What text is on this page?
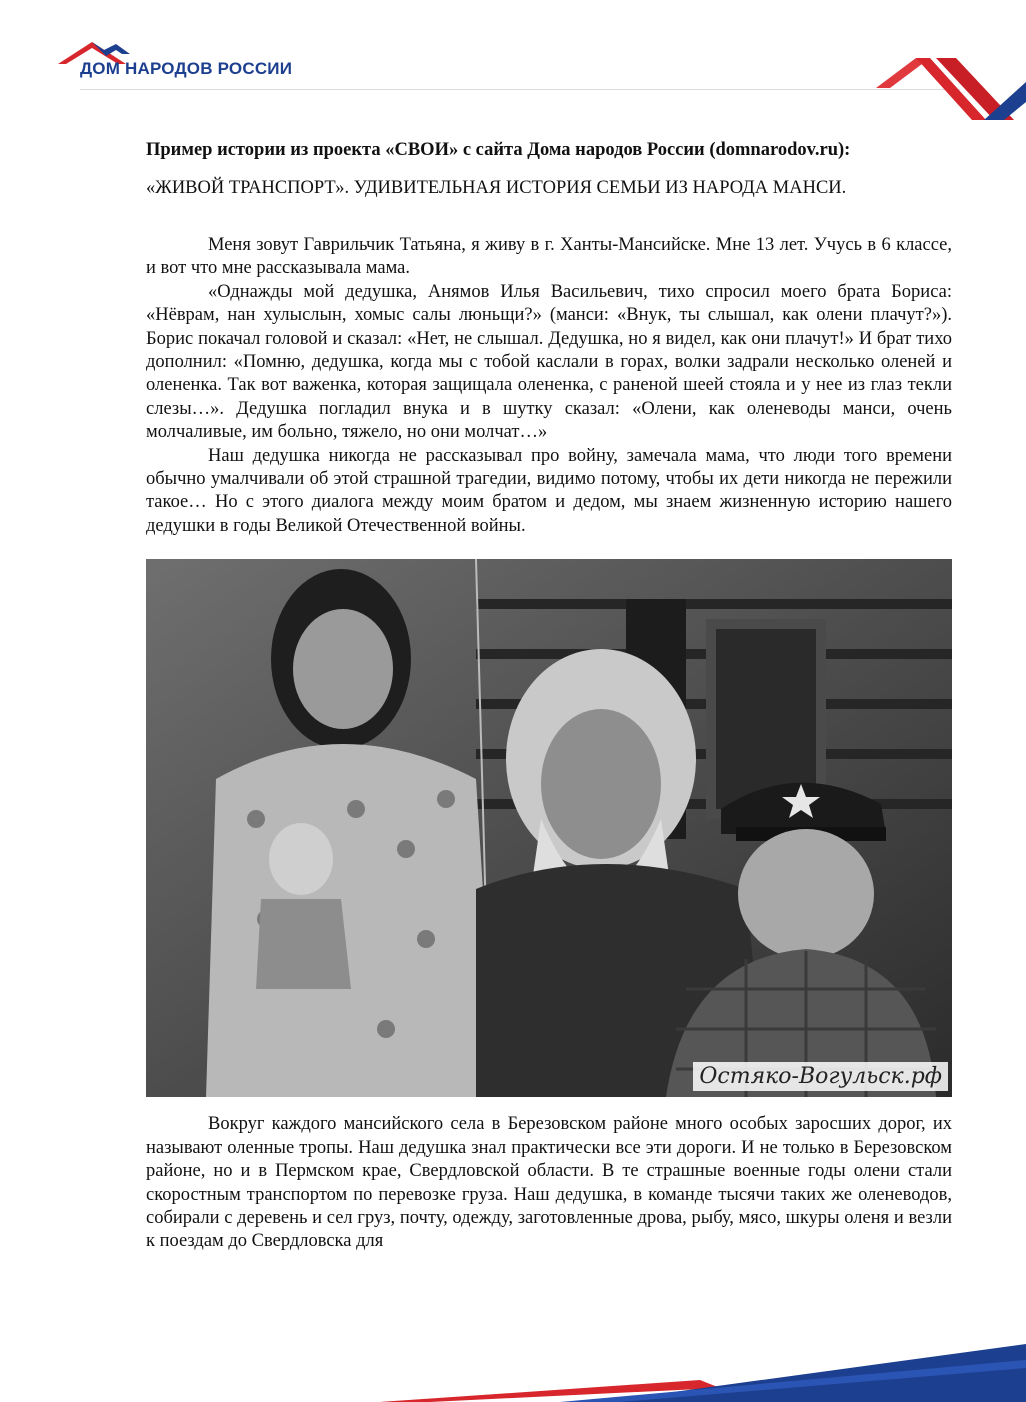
ДОМ НАРОДОВ РОССИИ

Пример истории из проекта «СВОИ» с сайта Дома народов России (domnarodov.ru):

«ЖИВОЙ ТРАНСПОРТ». УДИВИТЕЛЬНАЯ ИСТОРИЯ СЕМЬИ ИЗ НАРОДА МАНСИ.

Меня зовут Гаврильчик Татьяна, я живу в г. Ханты-Мансийске. Мне 13 лет. Учусь в 6 классе, и вот что мне рассказывала мама.

«Однажды мой дедушка, Анямов Илья Васильевич, тихо спросил моего брата Бориса: «Нёврам, нан хулыслын, хомыс салы люньщи?» (манси: «Внук, ты слышал, как олени плачут?»). Борис покачал головой и сказал: «Нет, не слышал. Дедушка, но я видел, как они плачут!» И брат тихо дополнил: «Помню, дедушка, когда мы с тобой каслали в горах, волки задрали несколько оленей и олененка. Так вот важенка, которая защищала олененка, с раненой шеей стояла и у нее из глаз текли слезы…». Дедушка погладил внука и в шутку сказал: «Олени, как оленеводы манси, очень молчаливые, им больно, тяжело, но они молчат…»

Наш дедушка никогда не рассказывал про войну, замечала мама, что люди того времени обычно умалчивали об этой страшной трагедии, видимо потому, чтобы их дети никогда не пережили такое… Но с этого диалога между моим братом и дедом, мы знаем жизненную историю нашего дедушки в годы Великой Отечественной войны.

Остяко-Вогульск.рф

Вокруг каждого мансийского села в Березовском районе много особых заросших дорог, их называют оленные тропы. Наш дедушка знал практически все эти дороги. И не только в Березовском районе, но и в Пермском крае, Свердловской области. В те страшные военные годы олени стали скоростным транспортом по перевозке груза. Наш дедушка, в команде тысячи таких же оленеводов, собирали с деревень и сел груз, почту, одежду, заготовленные дрова, рыбу, мясо, шкуры оленя и везли к поездам до Свердловска для
